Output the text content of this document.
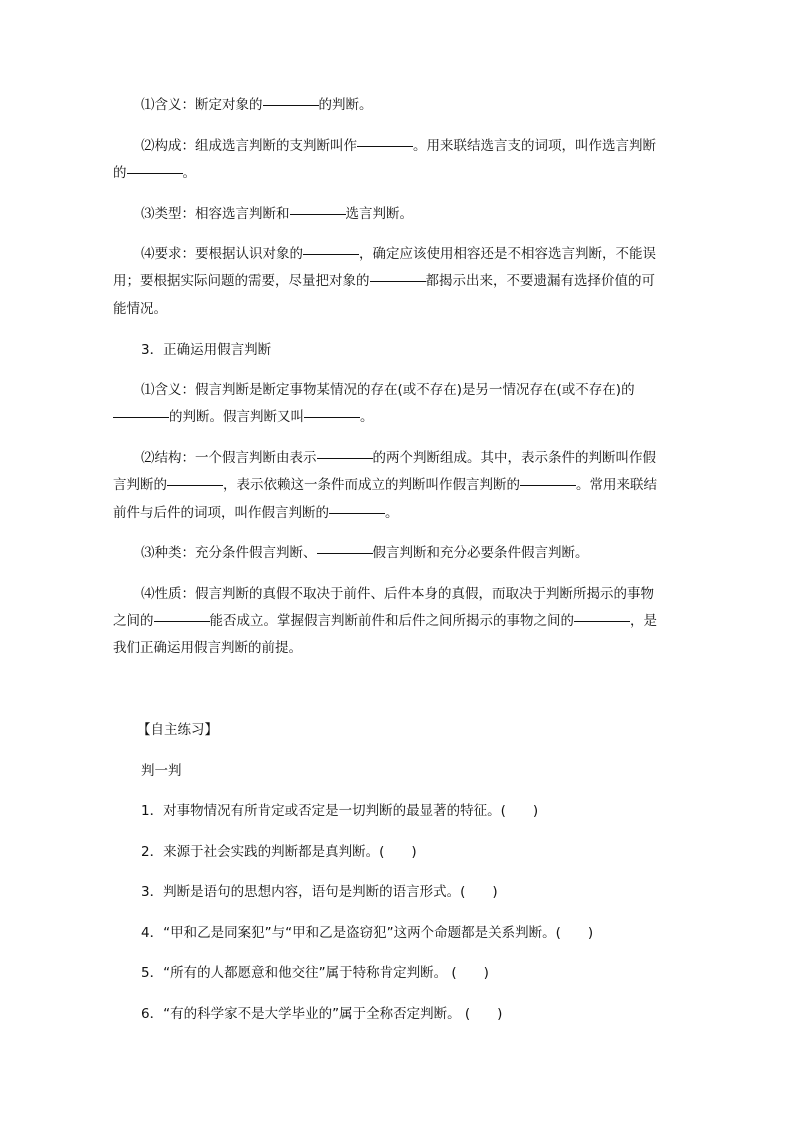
⑴含义：断定对象的	的判断。
⑵构成：组成选言判断的支判断叫作	。用来联结选言支的词项，叫作选言判断
的	。
⑶类型：相容选言判断和	选言判断。
⑷要求：要根据认识对象的	，确定应该使用相容还是不相容选言判断，不能误
用；要根据实际问题的需要，尽量把对象的	都揭示出来，不要遗漏有选择价值的可
能情况。
3．正确运用假言判断
⑴含义：假言判断是断定事物某情况的存在(或不存在)是另一情况存在(或不存在)的
的判断。假言判断又叫	。
⑵结构：一个假言判断由表示	的两个判断组成。其中，表示条件的判断叫作假
言判断的	，表示依赖这一条件而成立的判断叫作假言判断的	。常用来联结
前件与后件的词项，叫作假言判断的	。
⑶种类：充分条件假言判断、	假言判断和充分必要条件假言判断。
⑷性质：假言判断的真假不取决于前件、后件本身的真假，而取决于判断所揭示的事物
之间的	能否成立。掌握假言判断前件和后件之间所揭示的事物之间的	，是
我们正确运用假言判断的前提。
【自主练习】
判一判
1．对事物情况有所肯定或否定是一切判断的最显著的特征。(　　)
2．来源于社会实践的判断都是真判断。(　　)
3．判断是语句的思想内容，语句是判断的语言形式。(　　)
4．“甲和乙是同案犯”与“甲和乙是盗窃犯”这两个命题都是关系判断。(　　)
5．“所有的人都愿意和他交往”属于特称肯定判断。 (　　)
6．“有的科学家不是大学毕业的”属于全称否定判断。 (　　)
